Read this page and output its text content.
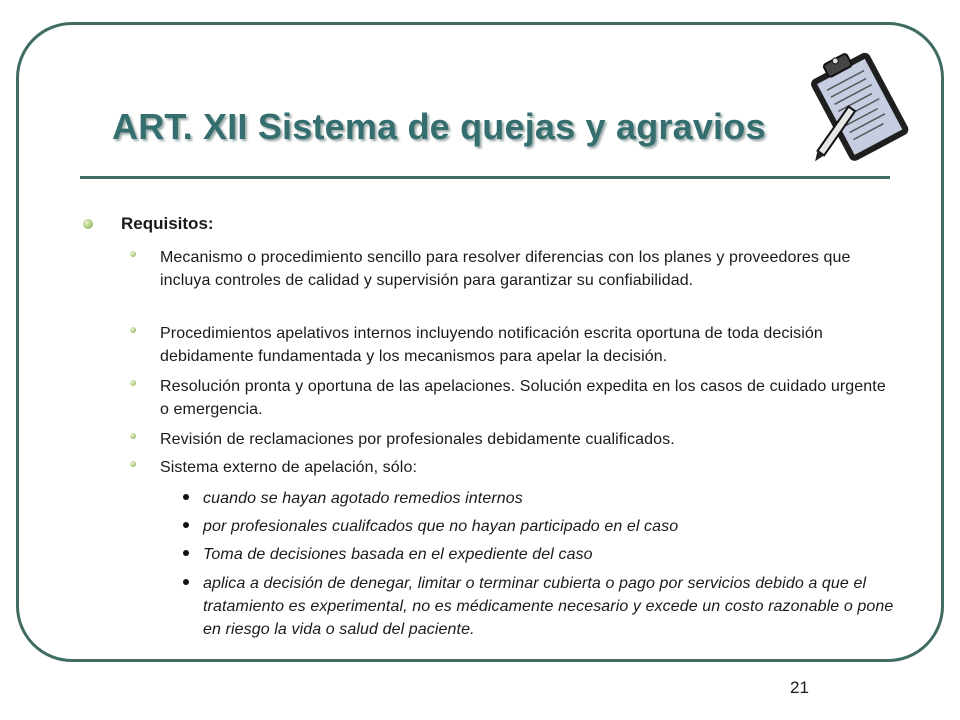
ART. XII Sistema de quejas y agravios
Requisitos:
Mecanismo o procedimiento sencillo para resolver diferencias con los planes y proveedores que incluya controles de calidad y supervisión para garantizar su confiabilidad.
Procedimientos apelativos internos incluyendo notificación escrita oportuna de toda decisión debidamente fundamentada y los mecanismos para apelar la decisión.
Resolución pronta y oportuna de las apelaciones. Solución expedita en los casos de cuidado urgente o emergencia.
Revisión de reclamaciones por profesionales debidamente cualificados.
Sistema externo de apelación, sólo:
cuando se hayan agotado remedios internos
por profesionales cualifcados que no hayan participado en el caso
Toma de decisiones basada en el expediente del caso
aplica a decisión de denegar, limitar o terminar cubierta o pago por servicios debido a que el tratamiento es experimental, no es médicamente necesario y excede un costo razonable o pone en riesgo la vida o salud del paciente.
21
